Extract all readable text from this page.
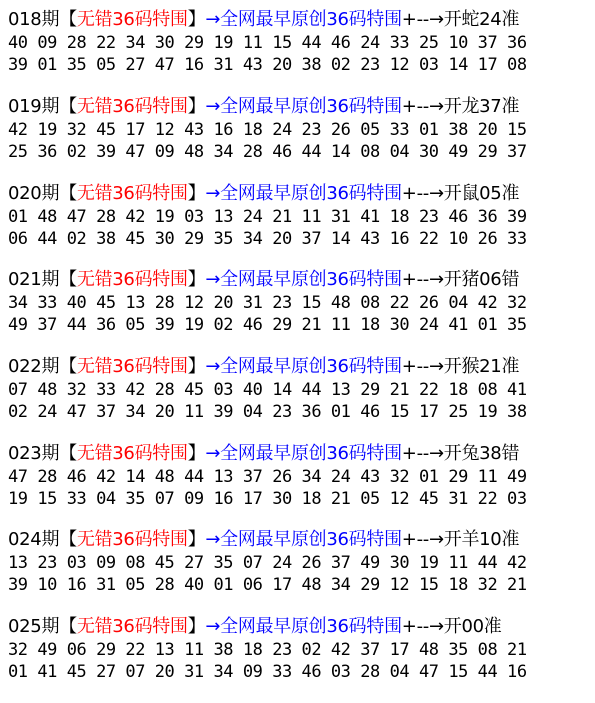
018期【无错36码特围】→全网最早原创36码特围+--→开蛇24准
40 09 28 22 34 30 29 19 11 15 44 46 24 33 25 10 37 36
39 01 35 05 27 47 16 31 43 20 38 02 23 12 03 14 17 08
019期【无错36码特围】→全网最早原创36码特围+--→开龙37准
42 19 32 45 17 12 43 16 18 24 23 26 05 33 01 38 20 15
25 36 02 39 47 09 48 34 28 46 44 14 08 04 30 49 29 37
020期【无错36码特围】→全网最早原创36码特围+--→开鼠05准
01 48 47 28 42 19 03 13 24 21 11 31 41 18 23 46 36 39
06 44 02 38 45 30 29 35 34 20 37 14 43 16 22 10 26 33
021期【无错36码特围】→全网最早原创36码特围+--→开猪06错
34 33 40 45 13 28 12 20 31 23 15 48 08 22 26 04 42 32
49 37 44 36 05 39 19 02 46 29 21 11 18 30 24 41 01 35
022期【无错36码特围】→全网最早原创36码特围+--→开猴21准
07 48 32 33 42 28 45 03 40 14 44 13 29 21 22 18 08 41
02 24 47 37 34 20 11 39 04 23 36 01 46 15 17 25 19 38
023期【无错36码特围】→全网最早原创36码特围+--→开兔38错
47 28 46 42 14 48 44 13 37 26 34 24 43 32 01 29 11 49
19 15 33 04 35 07 09 16 17 30 18 21 05 12 45 31 22 03
024期【无错36码特围】→全网最早原创36码特围+--→开羊10准
13 23 03 09 08 45 27 35 07 24 26 37 49 30 19 11 44 42
39 10 16 31 05 28 40 01 06 17 48 34 29 12 15 18 32 21
025期【无错36码特围】→全网最早原创36码特围+--→开00准
32 49 06 29 22 13 11 38 18 23 02 42 37 17 48 35 08 21
01 41 45 27 07 20 31 34 09 33 46 03 28 04 47 15 44 16
